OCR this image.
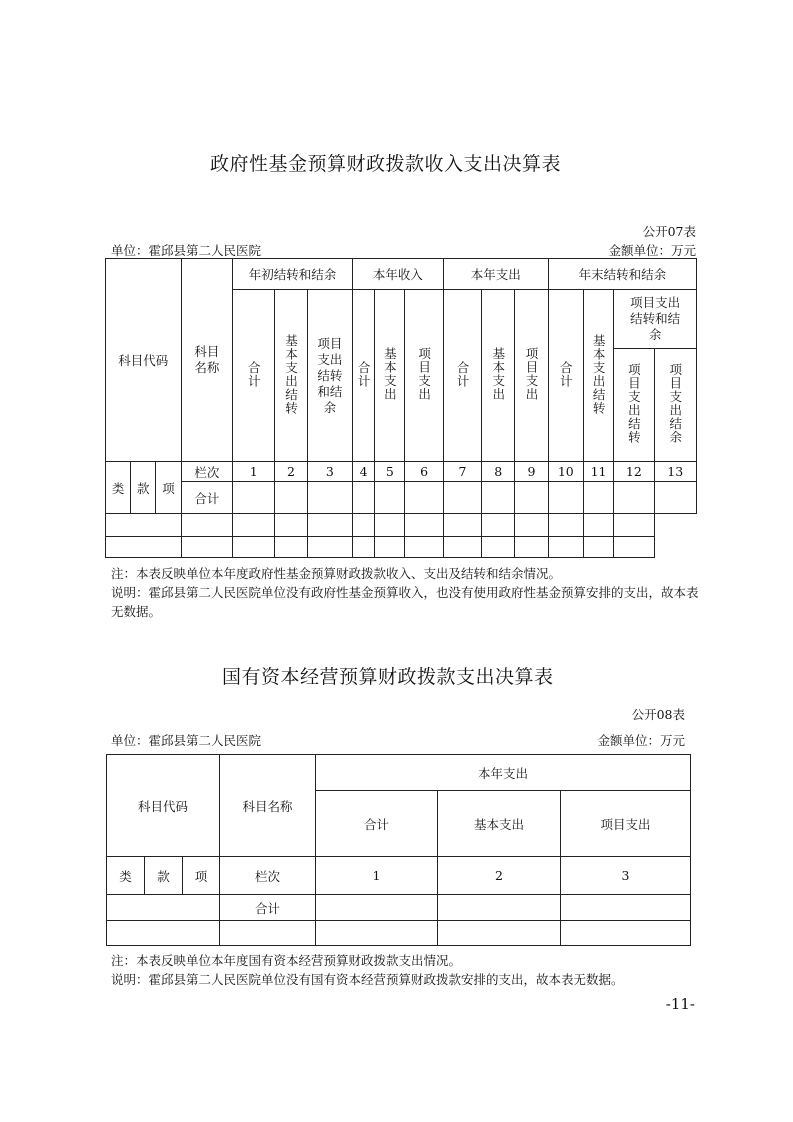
政府性基金预算财政拨款收入支出决算表
公开07表
单位：霍邱县第二人民医院	金额单位：万元
科目代码			科目名称	年初结转和结余			本年收入			本年支出			年末结转和结余			
				合计	基本支出结转	项目支出结转和结余	合计	基本支出	项目支出	合计	基本支出	项目支出	合计	基本支出结转	项目支出结转和结余	
															项目支出结转	项目支出结余
类	款	项	栏次	1	2	3	4	5	6	7	8	9	10	11	12	13
			合计													

注：本表反映单位本年度政府性基金预算财政拨款收入、支出及结转和结余情况。
说明：霍邱县第二人民医院单位没有政府性基金预算收入，也没有使用政府性基金预算安排的支出，故本表无数据。
国有资本经营预算财政拨款支出决算表
公开08表
单位：霍邱县第二人民医院	金额单位：万元
科目代码			科目名称	本年支出		
				合计	基本支出	项目支出
类	款	项	栏次	1	2	3
			合计			

注：本表反映单位本年度国有资本经营预算财政拨款支出情况。
说明：霍邱县第二人民医院单位没有国有资本经营预算财政拨款安排的支出，故本表无数据。
-11-
